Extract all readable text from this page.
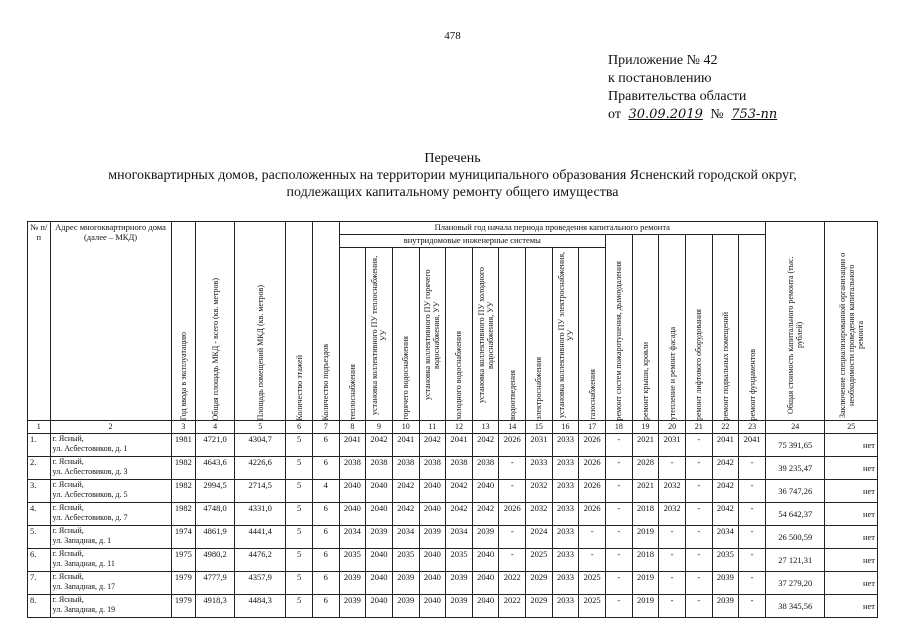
478
Приложение № 42
к постановлению
Правительства области
от 30.09.2019 № 753-пп
Перечень
многоквартирных домов, расположенных на территории муниципального образования Ясненский городской округ,
подлежащих капитальному ремонту общего имущества
№ п/п	Адрес многоквартирного дома (далее – МКД)	Год ввода в эксплуатацию	Общая площадь МКД - всего (кв. метров)	Площадь помещений МКД (кв. метров)	Количество этажей	Количество подъездов	Плановый год начала периода проведения капитального ремонта																Общая стоимость капитального ремонта (тыс. рублей)	Заключение специализированной организации о необходимости проведения капитального ремонта

							внутридомовые инженерные системы										ремонт систем пожаротушения, дымоудаления	ремонт крыши, кровли	утепление и ремонт фасада	ремонт лифтового оборудования	ремонт подвальных помещений	ремонт фундаментов		

							теплоснабжения	установка коллективного ПУ теплоснабжения, УУ	горячего водоснабжения	установка коллективного ПУ горячего водоснабжения, УУ	холодного водоснабжения	установка коллективного ПУ холодного водоснабжения, УУ	водоотведения	электроснабжения	установка коллективного ПУ электроснабжения, УУ	газоснабжения								

1	2	3	4	5	6	7	8	9	10	11	12	13	14	15	16	17	18	19	20	21	22	23	24	25
1.	г. Ясный,
ул. Асбестовиков, д. 1	1981	4721,0	4304,7	5	6	2041	2042	2041	2042	2041	2042	2026	2031	2033	2026	-	2021	2031	-	2041	2041	75 391,65	нет
2.	г. Ясный,
ул. Асбестовиков, д. 3	1982	4643,6	4226,6	5	6	2038	2038	2038	2038	2038	2038	-	2033	2033	2026	-	2028	-	-	2042	-	39 235,47	нет
3.	г. Ясный,
ул. Асбестовиков, д. 5	1982	2994,5	2714,5	5	4	2040	2040	2042	2040	2042	2040	-	2032	2033	2026	-	2021	2032	-	2042	-	36 747,26	нет
4.	г. Ясный,
ул. Асбестовиков, д. 7	1982	4748,0	4331,0	5	6	2040	2040	2042	2040	2042	2042	2026	2032	2033	2026	-	2018	2032	-	2042	-	54 642,37	нет
5.	г. Ясный,
ул. Западная, д. 1	1974	4861,9	4441,4	5	6	2034	2039	2034	2039	2034	2039	-	2024	2033	-	-	2019	-	-	2034	-	26 500,59	нет
6.	г. Ясный,
ул. Западная, д. 11	1975	4980,2	4476,2	5	6	2035	2040	2035	2040	2035	2040	-	2025	2033	-	-	2018	-	-	2035	-	27 121,31	нет
7.	г. Ясный,
ул. Западная, д. 17	1979	4777,9	4357,9	5	6	2039	2040	2039	2040	2039	2040	2022	2029	2033	2025	-	2019	-	-	2039	-	37 279,20	нет
8.	г. Ясный,
ул. Западная, д. 19	1979	4918,3	4484,3	5	6	2039	2040	2039	2040	2039	2040	2022	2029	2033	2025	-	2019	-	-	2039	-	38 345,56	нет
